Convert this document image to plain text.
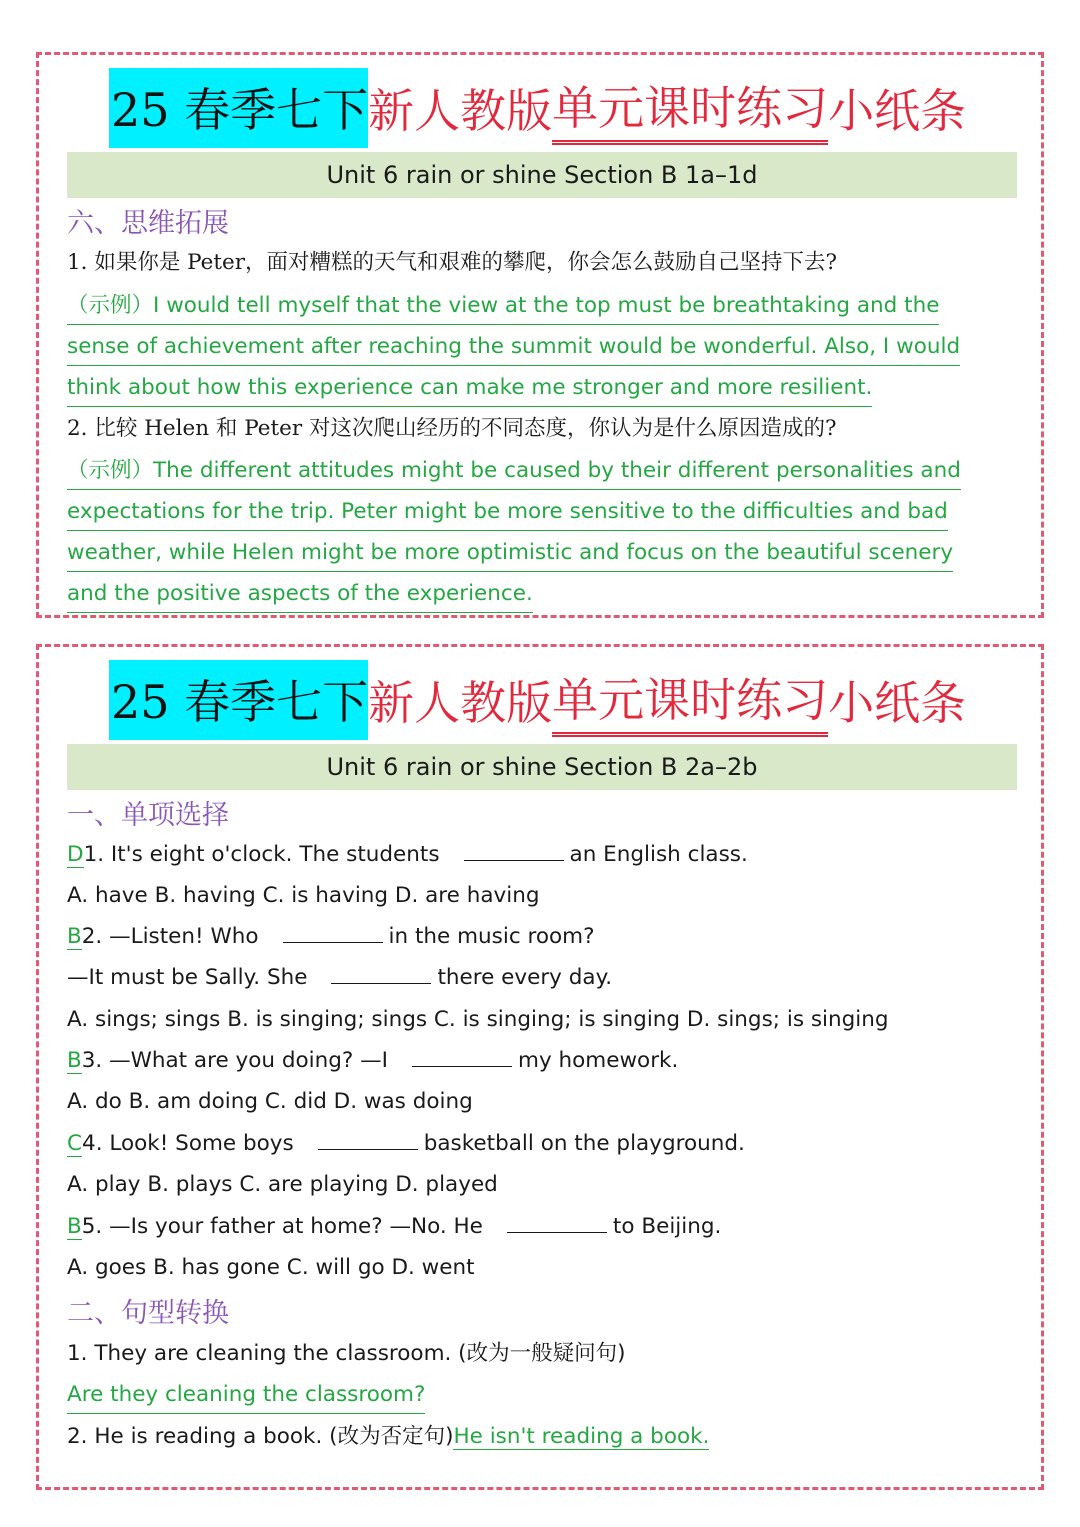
25 春季七下 新人教版 单元课时练习 小纸条
Unit 6 rain or shine Section B 1a–1d
六、思维拓展
1. 如果你是 Peter，面对糟糕的天气和艰难的攀爬，你会怎么鼓励自己坚持下去?
（示例）I would tell myself that the view at the top must be breathtaking and the
sense of achievement after reaching the summit would be wonderful. Also, I would
think about how this experience can make me stronger and more resilient.
2. 比较 Helen 和 Peter 对这次爬山经历的不同态度，你认为是什么原因造成的?
（示例）The different attitudes might be caused by their different personalities and
expectations for the trip. Peter might be more sensitive to the difficulties and bad
weather, while Helen might be more optimistic and focus on the beautiful scenery
and the positive aspects of the experience.
25 春季七下 新人教版 单元课时练习 小纸条
Unit 6 rain or shine Section B 2a–2b
一、单项选择
D1. It's eight o'clock. The students	an English class.
A. have B. having C. is having D. are having
B2. —Listen! Who	in the music room?
—It must be Sally. She	there every day.
A. sings; sings B. is singing; sings C. is singing; is singing D. sings; is singing
B3. —What are you doing? —I	my homework.
A. do B. am doing C. did D. was doing
C4. Look! Some boys	basketball on the playground.
A. play B. plays C. are playing D. played
B5. —Is your father at home? —No. He	to Beijing.
A. goes B. has gone C. will go D. went
二、句型转换
1. They are cleaning the classroom. (改为一般疑问句)
Are they cleaning the classroom?
2. He is reading a book. (改为否定句)He isn't reading a book.
